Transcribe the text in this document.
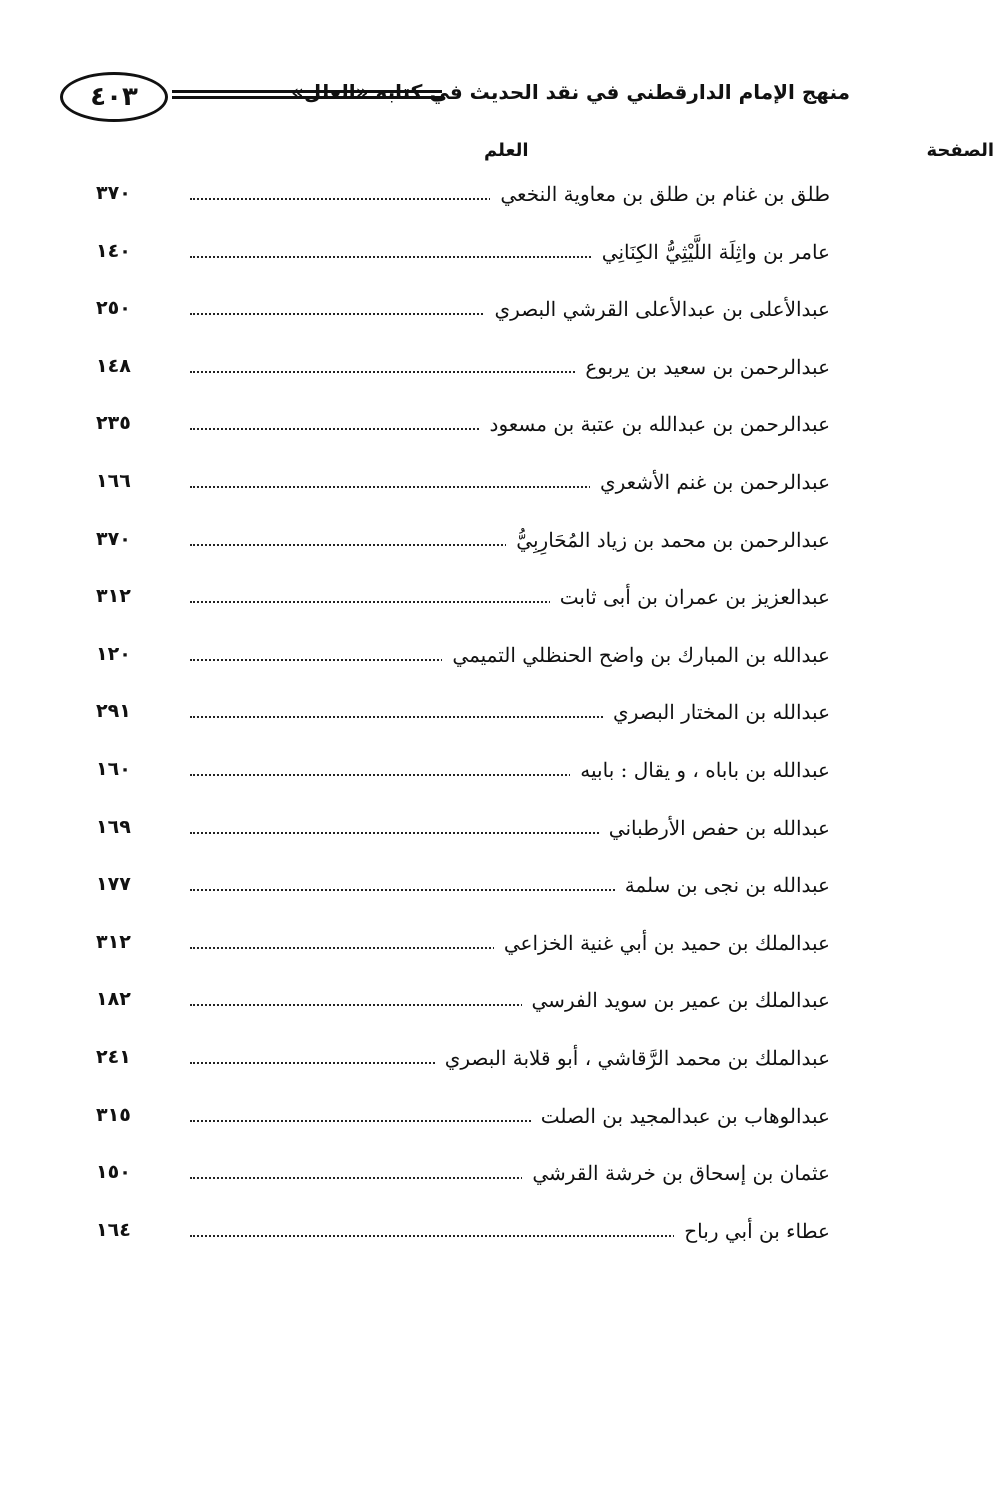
٤٠٣	منهج الإمام الدارقطني في نقد الحديث في كتابه «العلل»
العلم	الصفحة
طلق بن غنام بن طلق بن معاوية النخعي
٣٧٠
عامر بن واثِلَة اللَّيْثِيُّ الكِنَانِي
١٤٠
عبدالأعلى بن عبدالأعلى القرشي البصري
٢٥٠
عبدالرحمن بن سعيد بن يربوع
١٤٨
عبدالرحمن بن عبدالله بن عتبة بن مسعود
٢٣٥
عبدالرحمن بن غنم الأشعري
١٦٦
عبدالرحمن بن محمد بن زياد المُحَارِبِيُّ
٣٧٠
عبدالعزيز بن عمران بن أبى ثابت
٣١٢
عبدالله بن المبارك بن واضح الحنظلي التميمي
١٢٠
عبدالله بن المختار البصري
٢٩١
عبدالله بن باباه ، و يقال : بابيه
١٦٠
عبدالله بن حفص الأرطباني
١٦٩
عبدالله بن نجى بن سلمة
١٧٧
عبدالملك بن حميد بن أبي غنية الخزاعي
٣١٢
عبدالملك بن عمير بن سويد الفرسي
١٨٢
عبدالملك بن محمد الرَّقاشي ، أبو قلابة البصري
٢٤١
عبدالوهاب بن عبدالمجيد بن الصلت
٣١٥
عثمان بن إسحاق بن خرشة القرشي
١٥٠
عطاء بن أبي رباح
١٦٤
